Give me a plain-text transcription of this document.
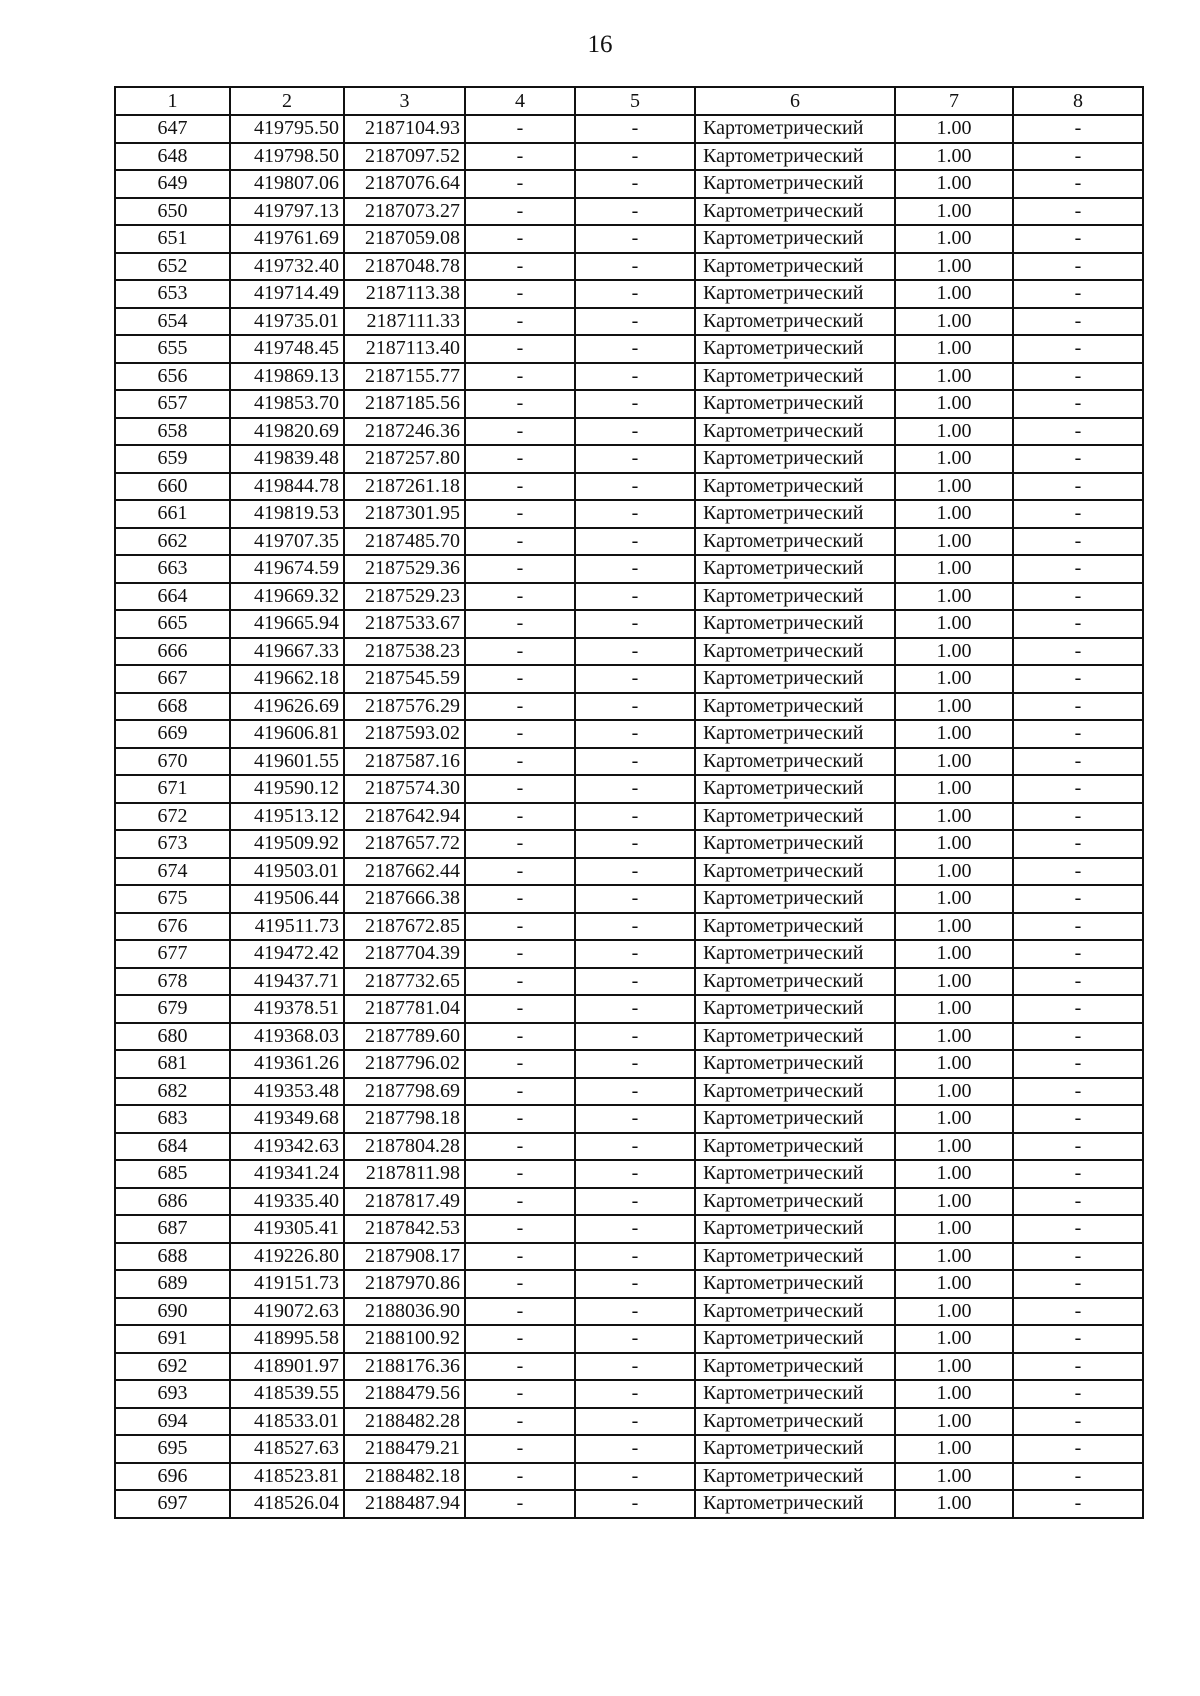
16
1	2	3	4	5	6	7	8
647	419795.50	2187104.93	-	-	Картометрический	1.00	-
648	419798.50	2187097.52	-	-	Картометрический	1.00	-
649	419807.06	2187076.64	-	-	Картометрический	1.00	-
650	419797.13	2187073.27	-	-	Картометрический	1.00	-
651	419761.69	2187059.08	-	-	Картометрический	1.00	-
652	419732.40	2187048.78	-	-	Картометрический	1.00	-
653	419714.49	2187113.38	-	-	Картометрический	1.00	-
654	419735.01	2187111.33	-	-	Картометрический	1.00	-
655	419748.45	2187113.40	-	-	Картометрический	1.00	-
656	419869.13	2187155.77	-	-	Картометрический	1.00	-
657	419853.70	2187185.56	-	-	Картометрический	1.00	-
658	419820.69	2187246.36	-	-	Картометрический	1.00	-
659	419839.48	2187257.80	-	-	Картометрический	1.00	-
660	419844.78	2187261.18	-	-	Картометрический	1.00	-
661	419819.53	2187301.95	-	-	Картометрический	1.00	-
662	419707.35	2187485.70	-	-	Картометрический	1.00	-
663	419674.59	2187529.36	-	-	Картометрический	1.00	-
664	419669.32	2187529.23	-	-	Картометрический	1.00	-
665	419665.94	2187533.67	-	-	Картометрический	1.00	-
666	419667.33	2187538.23	-	-	Картометрический	1.00	-
667	419662.18	2187545.59	-	-	Картометрический	1.00	-
668	419626.69	2187576.29	-	-	Картометрический	1.00	-
669	419606.81	2187593.02	-	-	Картометрический	1.00	-
670	419601.55	2187587.16	-	-	Картометрический	1.00	-
671	419590.12	2187574.30	-	-	Картометрический	1.00	-
672	419513.12	2187642.94	-	-	Картометрический	1.00	-
673	419509.92	2187657.72	-	-	Картометрический	1.00	-
674	419503.01	2187662.44	-	-	Картометрический	1.00	-
675	419506.44	2187666.38	-	-	Картометрический	1.00	-
676	419511.73	2187672.85	-	-	Картометрический	1.00	-
677	419472.42	2187704.39	-	-	Картометрический	1.00	-
678	419437.71	2187732.65	-	-	Картометрический	1.00	-
679	419378.51	2187781.04	-	-	Картометрический	1.00	-
680	419368.03	2187789.60	-	-	Картометрический	1.00	-
681	419361.26	2187796.02	-	-	Картометрический	1.00	-
682	419353.48	2187798.69	-	-	Картометрический	1.00	-
683	419349.68	2187798.18	-	-	Картометрический	1.00	-
684	419342.63	2187804.28	-	-	Картометрический	1.00	-
685	419341.24	2187811.98	-	-	Картометрический	1.00	-
686	419335.40	2187817.49	-	-	Картометрический	1.00	-
687	419305.41	2187842.53	-	-	Картометрический	1.00	-
688	419226.80	2187908.17	-	-	Картометрический	1.00	-
689	419151.73	2187970.86	-	-	Картометрический	1.00	-
690	419072.63	2188036.90	-	-	Картометрический	1.00	-
691	418995.58	2188100.92	-	-	Картометрический	1.00	-
692	418901.97	2188176.36	-	-	Картометрический	1.00	-
693	418539.55	2188479.56	-	-	Картометрический	1.00	-
694	418533.01	2188482.28	-	-	Картометрический	1.00	-
695	418527.63	2188479.21	-	-	Картометрический	1.00	-
696	418523.81	2188482.18	-	-	Картометрический	1.00	-
697	418526.04	2188487.94	-	-	Картометрический	1.00	-
